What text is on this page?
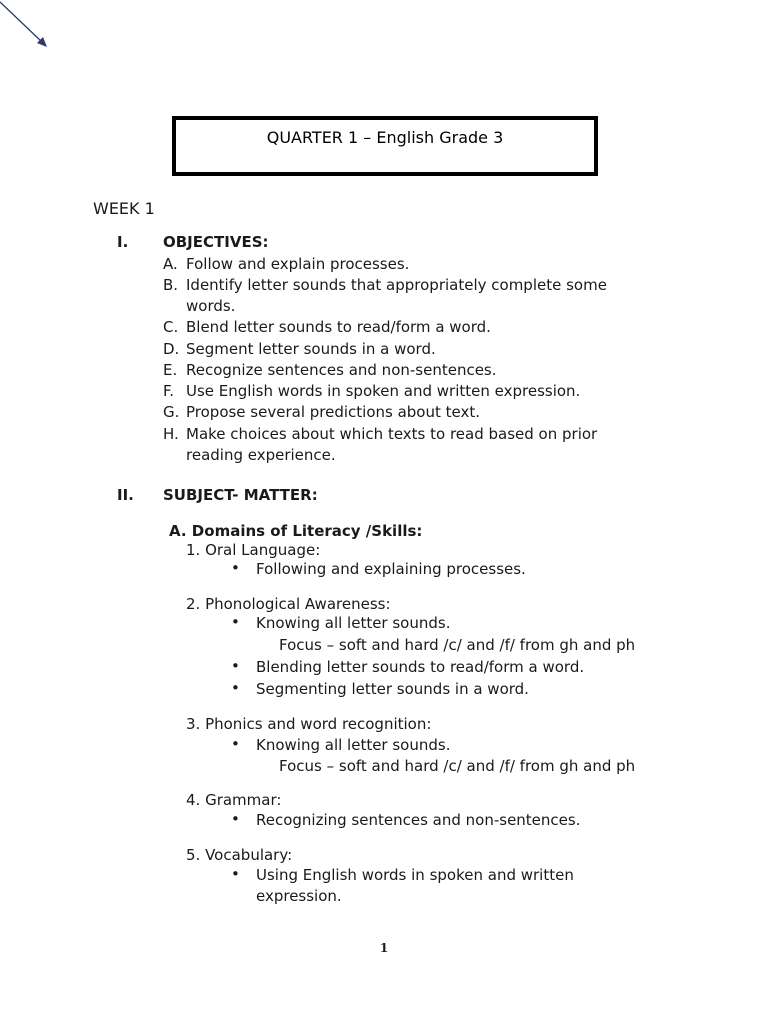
QUARTER 1 – English Grade 3
WEEK 1
I. OBJECTIVES:
A. Follow and explain processes.
B. Identify letter sounds that appropriately complete some
words.
C. Blend letter sounds to read/form a word.
D. Segment letter sounds in a word.
E. Recognize sentences and non-sentences.
F. Use English words in spoken and written expression.
G. Propose several predictions about text.
H. Make choices about which texts to read based on prior
reading experience.
II. SUBJECT- MATTER:
A. Domains of Literacy /Skills:
1. Oral Language:
• Following and explaining processes.
2. Phonological Awareness:
• Knowing all letter sounds.
Focus – soft and hard /c/ and /f/ from gh and ph
• Blending letter sounds to read/form a word.
• Segmenting letter sounds in a word.
3. Phonics and word recognition:
• Knowing all letter sounds.
Focus – soft and hard /c/ and /f/ from gh and ph
4. Grammar:
• Recognizing sentences and non-sentences.
5. Vocabulary:
• Using English words in spoken and written
expression.
1
